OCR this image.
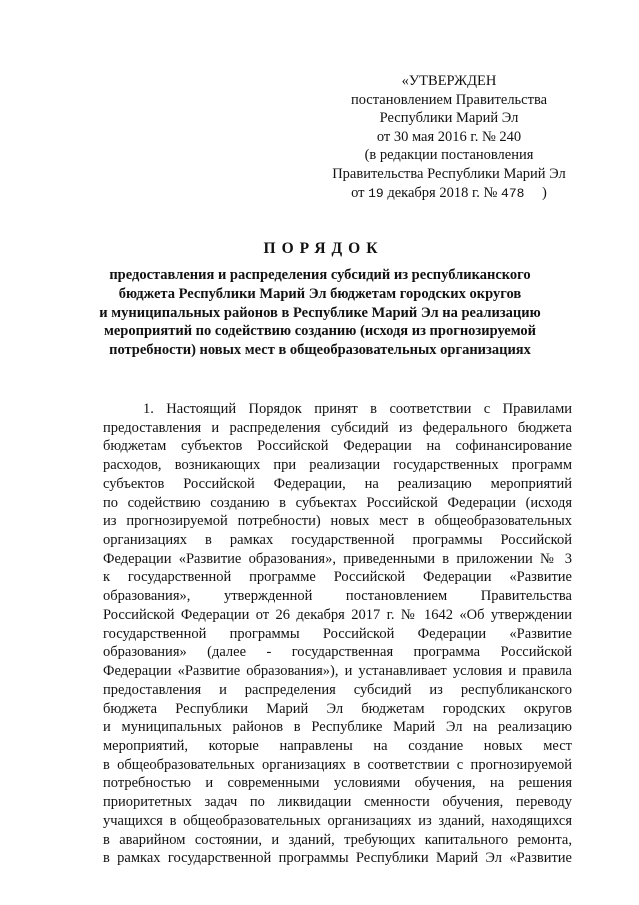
«УТВЕРЖДЕН
постановлением Правительства
Республики Марий Эл
от 30 мая 2016 г. № 240
(в редакции постановления
Правительства Республики Марий Эл
от 19 декабря 2018 г. № 478 )
ПОРЯДОК
предоставления и распределения субсидий из республиканского
бюджета Республики Марий Эл бюджетам городских округов
и муниципальных районов в Республике Марий Эл на реализацию
мероприятий по содействию созданию (исходя из прогнозируемой
потребности) новых мест в общеобразовательных организациях
1. Настоящий Порядок принят в соответствии с Правилами
предоставления и распределения субсидий из федерального бюджета
бюджетам субъектов Российской Федерации на софинансирование
расходов, возникающих при реализации государственных программ
субъектов Российской Федерации, на реализацию мероприятий
по содействию созданию в субъектах Российской Федерации (исходя
из прогнозируемой потребности) новых мест в общеобразовательных
организациях в рамках государственной программы Российской
Федерации «Развитие образования», приведенными в приложении № 3
к государственной программе Российской Федерации «Развитие
образования», утвержденной постановлением Правительства
Российской Федерации от 26 декабря 2017 г. № 1642 «Об утверждении
государственной программы Российской Федерации «Развитие
образования» (далее - государственная программа Российской
Федерации «Развитие образования»), и устанавливает условия и правила
предоставления и распределения субсидий из республиканского
бюджета Республики Марий Эл бюджетам городских округов
и муниципальных районов в Республике Марий Эл на реализацию
мероприятий, которые направлены на создание новых мест
в общеобразовательных организациях в соответствии с прогнозируемой
потребностью и современными условиями обучения, на решения
приоритетных задач по ликвидации сменности обучения, переводу
учащихся в общеобразовательных организациях из зданий, находящихся
в аварийном состоянии, и зданий, требующих капитального ремонта,
в рамках государственной программы Республики Марий Эл «Развитие
